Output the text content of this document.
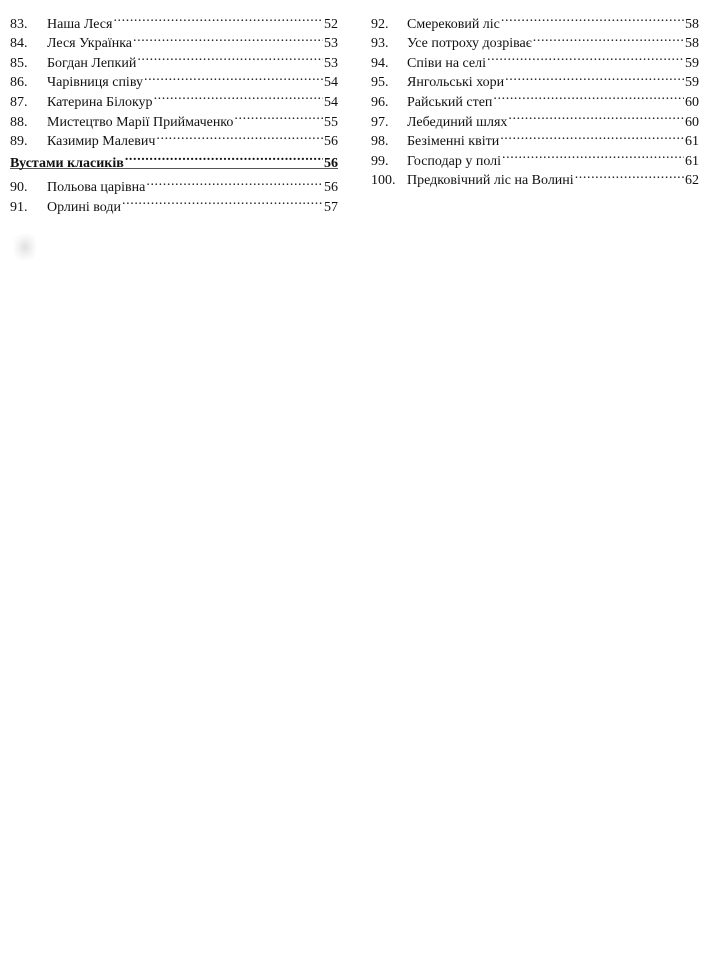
83.	Наша Леся .....	52
84.	Леся Українка .....	53
85.	Богдан Лепкий .....	53
86.	Чарівниця співу .....	54
87.	Катерина Білокур .....	54
88.	Мистецтво Марії Приймаченко .....	55
89.	Казимир Малевич .....	56
Вустами класиків .....	56
90.	Польова царівна .....	56
91.	Орлині води .....	57
92.	Смерековий ліс .....	58
93.	Усе потроху дозріває .....	58
94.	Співи на селі .....	59
95.	Янгольські хори .....	59
96.	Райський степ .....	60
97.	Лебединий шлях .....	60
98.	Безіменні квіти .....	61
99.	Господар у полі .....	61
100. Предковічний ліс на Волині .....	62
